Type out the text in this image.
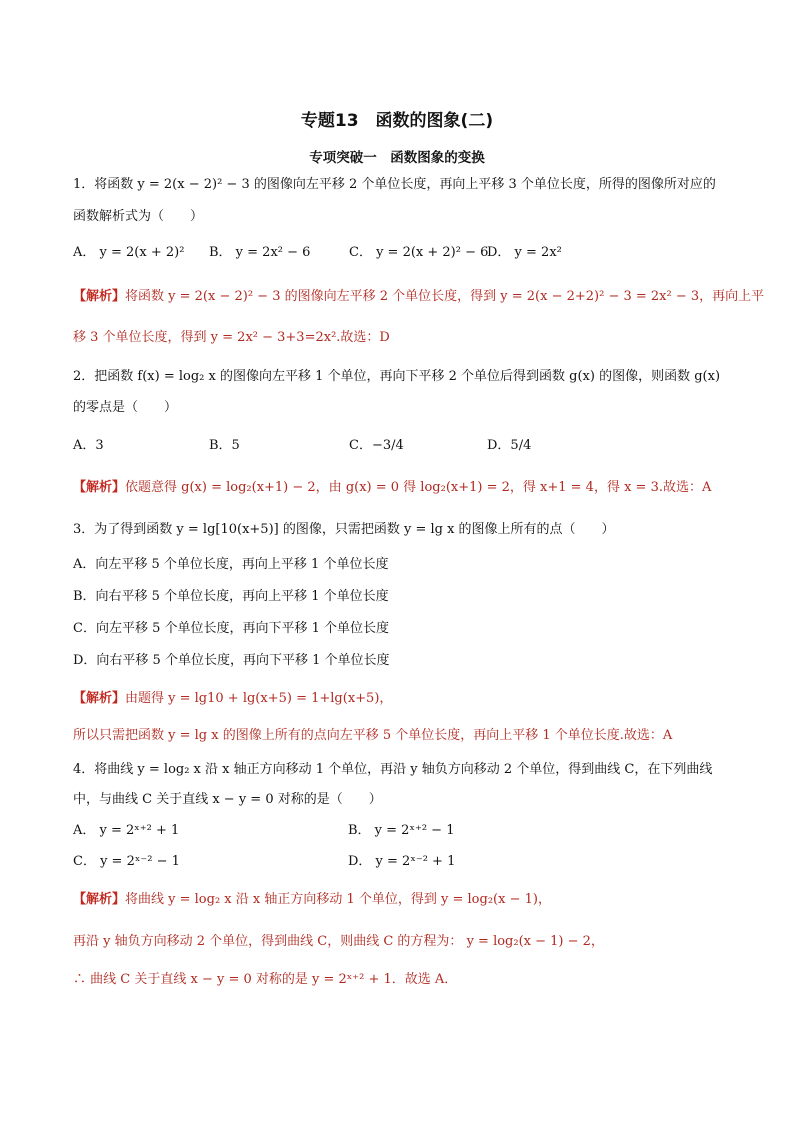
专题13　函数的图象(二)
专项突破一　函数图象的变换
1．将函数 y = 2(x − 2)² − 3 的图像向左平移 2 个单位长度，再向上平移 3 个单位长度，所得的图像所对应的
函数解析式为（　　）
A． y = 2(x + 2)² B． y = 2x² − 6	C． y = 2(x + 2)² − 6
D． y = 2x²
【解析】将函数 y = 2(x − 2)² − 3 的图像向左平移 2 个单位长度，得到 y = 2(x − 2+2)² − 3 = 2x² − 3，再向上平
移 3 个单位长度，得到 y = 2x² − 3+3=2x².故选：D
2．把函数 f(x) = log₂ x 的图像向左平移 1 个单位，再向下平移 2 个单位后得到函数 g(x) 的图像，则函数 g(x)
的零点是（　　）
A．3	B．5	C．−3/4	D．5/4
【解析】依题意得 g(x) = log₂(x+1) − 2，由 g(x) = 0 得 log₂(x+1) = 2，得 x+1 = 4，得 x = 3.故选：A
3．为了得到函数 y = lg[10(x+5)] 的图像，只需把函数 y = lg x 的图像上所有的点（　　）
A．向左平移 5 个单位长度，再向上平移 1 个单位长度
B．向右平移 5 个单位长度，再向上平移 1 个单位长度
C．向左平移 5 个单位长度，再向下平移 1 个单位长度
D．向右平移 5 个单位长度，再向下平移 1 个单位长度
【解析】由题得 y = lg10 + lg(x+5) = 1+lg(x+5)，
所以只需把函数 y = lg x 的图像上所有的点向左平移 5 个单位长度，再向上平移 1 个单位长度.故选：A
4．将曲线 y = log₂ x 沿 x 轴正方向移动 1 个单位，再沿 y 轴负方向移动 2 个单位，得到曲线 C，在下列曲线
中，与曲线 C 关于直线 x − y = 0 对称的是（　　）
A． y = 2ˣ⁺² + 1	B． y = 2ˣ⁺² − 1
C． y = 2ˣ⁻² − 1	D． y = 2ˣ⁻² + 1
【解析】将曲线 y = log₂ x 沿 x 轴正方向移动 1 个单位，得到 y = log₂(x − 1)，
再沿 y 轴负方向移动 2 个单位，得到曲线 C，则曲线 C 的方程为： y = log₂(x − 1) − 2，
∴ 曲线 C 关于直线 x − y = 0 对称的是 y = 2ˣ⁺² + 1．故选 A．
